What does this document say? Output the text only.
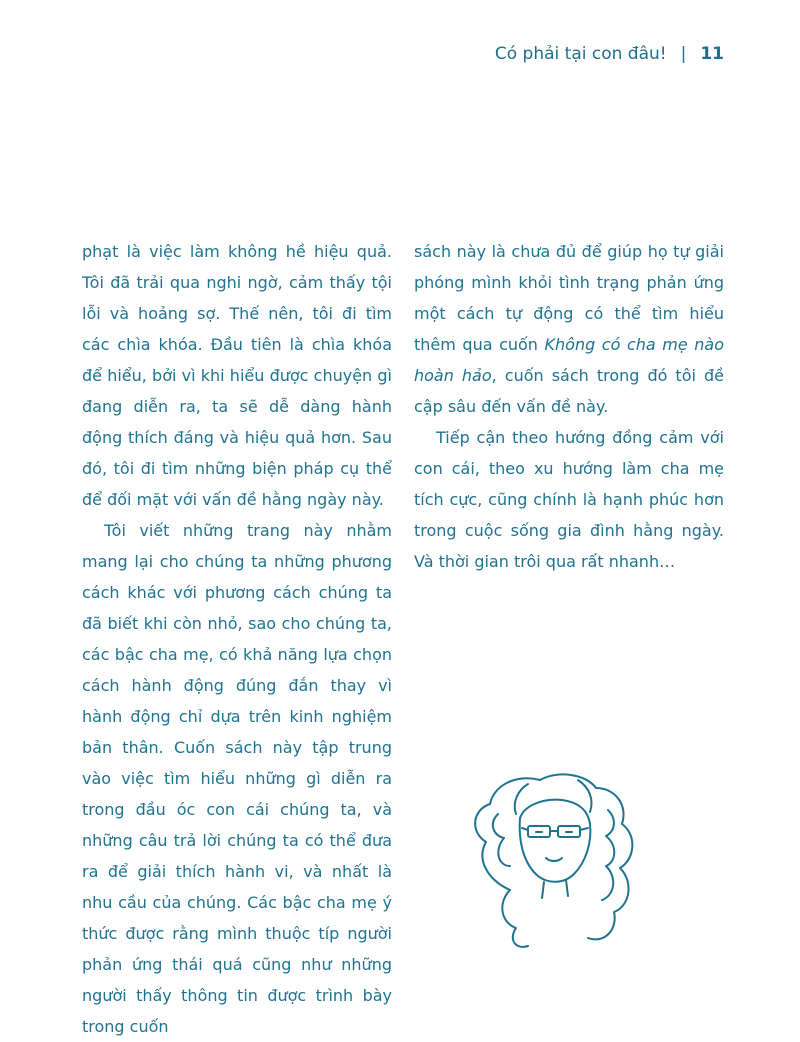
Có phải tại con đâu! | 11

phạt là việc làm không hề hiệu quả. Tôi đã trải qua nghi ngờ, cảm thấy tội lỗi và hoảng sợ. Thế nên, tôi đi tìm các chìa khóa. Đầu tiên là chìa khóa để hiểu, bởi vì khi hiểu được chuyện gì đang diễn ra, ta sẽ dễ dàng hành động thích đáng và hiệu quả hơn. Sau đó, tôi đi tìm những biện pháp cụ thể để đối mặt với vấn đề hằng ngày này.

Tôi viết những trang này nhằm mang lại cho chúng ta những phương cách khác với phương cách chúng ta đã biết khi còn nhỏ, sao cho chúng ta, các bậc cha mẹ, có khả năng lựa chọn cách hành động đúng đắn thay vì hành động chỉ dựa trên kinh nghiệm bản thân. Cuốn sách này tập trung vào việc tìm hiểu những gì diễn ra trong đầu óc con cái chúng ta, và những câu trả lời chúng ta có thể đưa ra để giải thích hành vi, và nhất là nhu cầu của chúng. Các bậc cha mẹ ý thức được rằng mình thuộc típ người phản ứng thái quá cũng như những người thấy thông tin được trình bày trong cuốn

sách này là chưa đủ để giúp họ tự giải phóng mình khỏi tình trạng phản ứng một cách tự động có thể tìm hiểu thêm qua cuốn Không có cha mẹ nào hoàn hảo, cuốn sách trong đó tôi đề cập sâu đến vấn đề này.

Tiếp cận theo hướng đồng cảm với con cái, theo xu hướng làm cha mẹ tích cực, cũng chính là hạnh phúc hơn trong cuộc sống gia đình hằng ngày. Và thời gian trôi qua rất nhanh…
